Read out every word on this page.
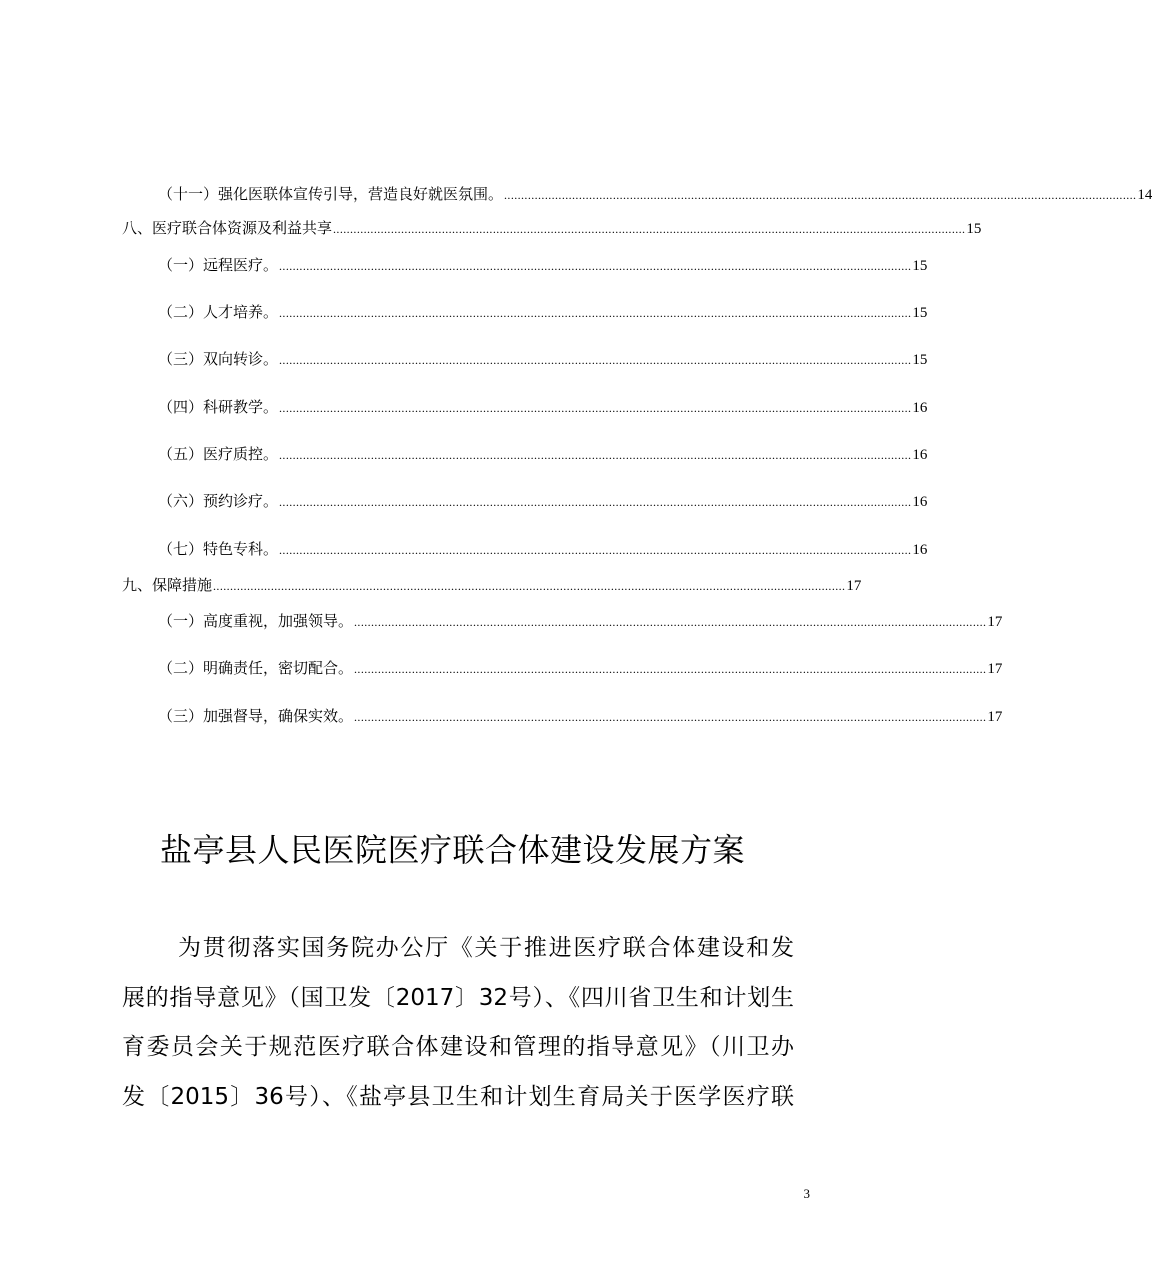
（十一）强化医联体宣传引导，营造良好就医氛围。 .......................................................................................................................................................................................... 14
八、医疗联合体资源及利益共享 .......................................................................................................................................................................................... 15
（一）远程医疗。 .......................................................................................................................................................................................... 15
（二）人才培养。 .......................................................................................................................................................................................... 15
（三）双向转诊。 .......................................................................................................................................................................................... 15
（四）科研教学。 .......................................................................................................................................................................................... 16
（五）医疗质控。 .......................................................................................................................................................................................... 16
（六）预约诊疗。 .......................................................................................................................................................................................... 16
（七）特色专科。 .......................................................................................................................................................................................... 16
九、保障措施 .......................................................................................................................................................................................... 17
（一）高度重视，加强领导。 .......................................................................................................................................................................................... 17
（二）明确责任，密切配合。 .......................................................................................................................................................................................... 17
（三）加强督导，确保实效。 .......................................................................................................................................................................................... 17
盐亭县人民医院医疗联合体建设发展方案
为贯彻落实国务院办公厅《关于推进医疗联合体建设和发
展的指导意见》（国卫发〔2017〕32号）、《四川省卫生和计划生
育委员会关于规范医疗联合体建设和管理的指导意见》（川卫办
发〔2015〕36号）、《盐亭县卫生和计划生育局关于医学医疗联
3
